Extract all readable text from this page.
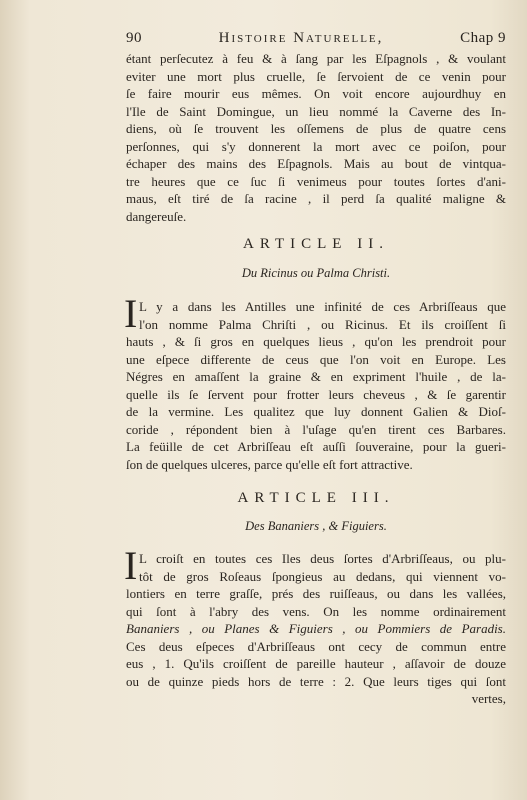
90	Histoire Naturelle,	Chap 9
étant perſecutez à feu & à ſang par les Eſpagnols , & voulant
eviter une mort plus cruelle, ſe ſervoient de ce venin pour
ſe faire mourir eus mêmes. On voit encore aujourdhuy en
l'Ile de Saint Domingue, un lieu nommé la Caverne des In-
diens, où ſe trouvent les oſſemens de plus de quatre cens
perſonnes, qui s'y donnerent la mort avec ce poiſon, pour
échaper des mains des Eſpagnols. Mais au bout de vintqua-
tre heures que ce ſuc ſi venimeus pour toutes ſortes d'ani-
maus, eſt tiré de ſa racine , il perd ſa qualité maligne &
dangereuſe.
ARTICLE II.
Du Ricinus ou Palma Christi.
I L y a dans les Antilles une infinité de ces Arbriſſeaus que
l'on nomme Palma Chriſti , ou Ricinus. Et ils croiſſent ſi
hauts , & ſi gros en quelques lieus , qu'on les prendroit pour
une eſpece differente de ceus que l'on voit en Europe. Les
Négres en amaſſent la graine & en expriment l'huile , de la-
quelle ils ſe ſervent pour frotter leurs cheveus , & ſe garentir
de la vermine. Les qualitez que luy donnent Galien & Dioſ-
coride , répondent bien à l'uſage qu'en tirent ces Barbares.
La feüille de cet Arbriſſeau eſt auſſi ſouveraine, pour la gueri-
ſon de quelques ulceres, parce qu'elle eſt fort attractive.
ARTICLE III.
Des Bananiers , & Figuiers.
I L croiſt en toutes ces Iles deus ſortes d'Arbriſſeaus, ou plu-
tôt de gros Roſeaus ſpongieus au dedans, qui viennent vo-
lontiers en terre graſſe, prés des ruiſſeaus, ou dans les vallées,
qui ſont à l'abry des vens. On les nomme ordinairement
Bananiers , ou Planes & Figuiers , ou Pommiers de Paradis.
Ces deus eſpeces d'Arbriſſeaus ont cecy de commun entre
eus , 1. Qu'ils croiſſent de pareille hauteur , aſſavoir de douze
ou de quinze pieds hors de terre : 2. Que leurs tiges qui ſont
vertes,
